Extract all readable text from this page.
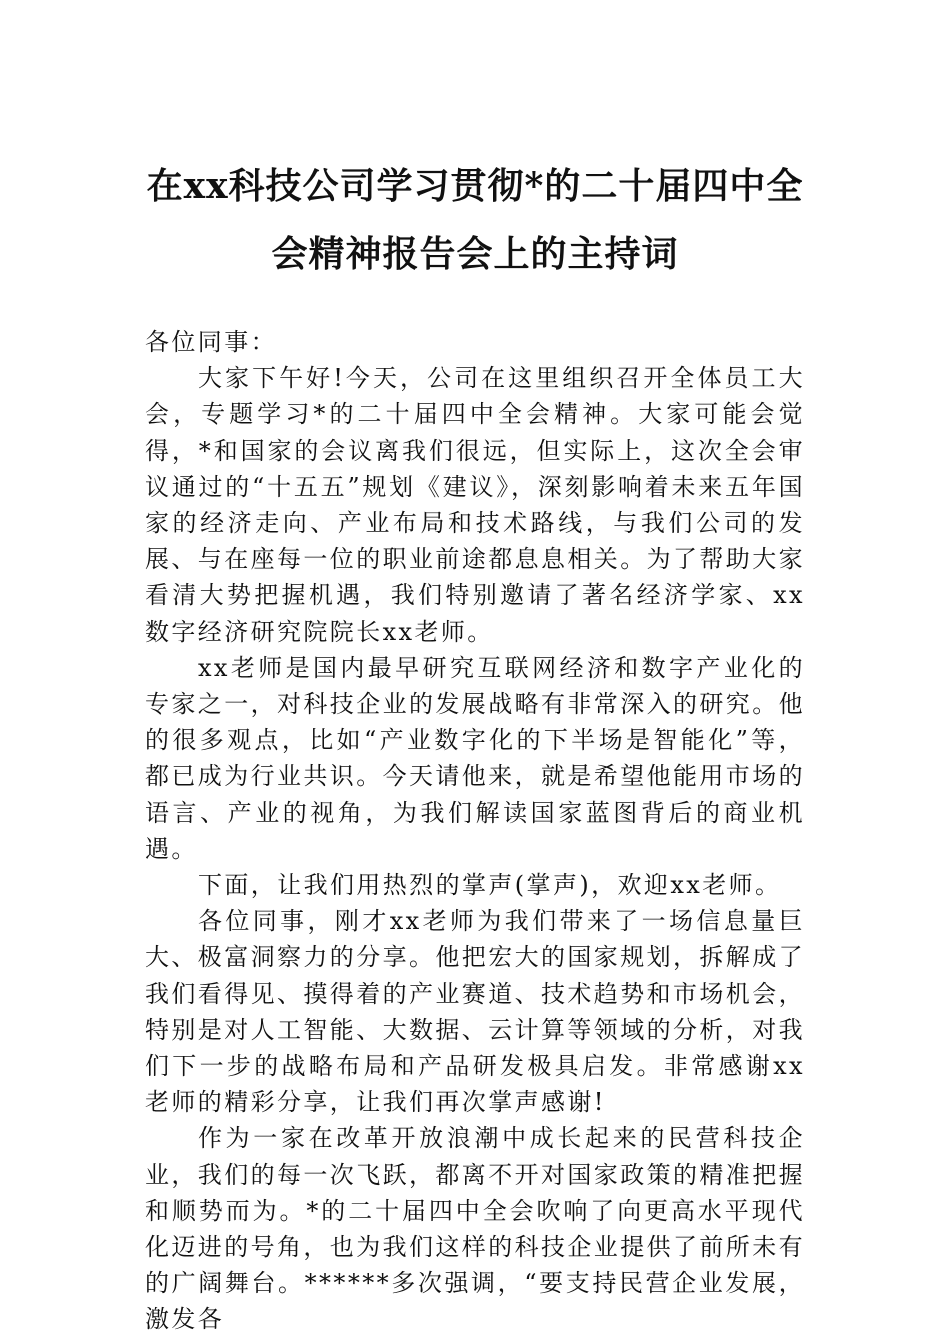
在xx科技公司学习贯彻*的二十届四中全
会精神报告会上的主持词

各位同事：

大家下午好!今天，公司在这里组织召开全体员工大会，专题学习*的二十届四中全会精神。大家可能会觉得，*和国家的会议离我们很远，但实际上，这次全会审议通过的“十五五”规划《建议》，深刻影响着未来五年国家的经济走向、产业布局和技术路线，与我们公司的发展、与在座每一位的职业前途都息息相关。为了帮助大家看清大势把握机遇，我们特别邀请了著名经济学家、xx数字经济研究院院长xx老师。

xx老师是国内最早研究互联网经济和数字产业化的专家之一，对科技企业的发展战略有非常深入的研究。他的很多观点，比如“产业数字化的下半场是智能化”等，都已成为行业共识。今天请他来，就是希望他能用市场的语言、产业的视角，为我们解读国家蓝图背后的商业机遇。

下面，让我们用热烈的掌声(掌声)，欢迎xx老师。

各位同事，刚才xx老师为我们带来了一场信息量巨大、极富洞察力的分享。他把宏大的国家规划，拆解成了我们看得见、摸得着的产业赛道、技术趋势和市场机会，特别是对人工智能、大数据、云计算等领域的分析，对我们下一步的战略布局和产品研发极具启发。非常感谢xx老师的精彩分享，让我们再次掌声感谢!

作为一家在改革开放浪潮中成长起来的民营科技企业，我们的每一次飞跃，都离不开对国家政策的精准把握和顺势而为。*的二十届四中全会吹响了向更高水平现代化迈进的号角，也为我们这样的科技企业提供了前所未有的广阔舞台。******多次强调，“要支持民营企业发展，激发各
